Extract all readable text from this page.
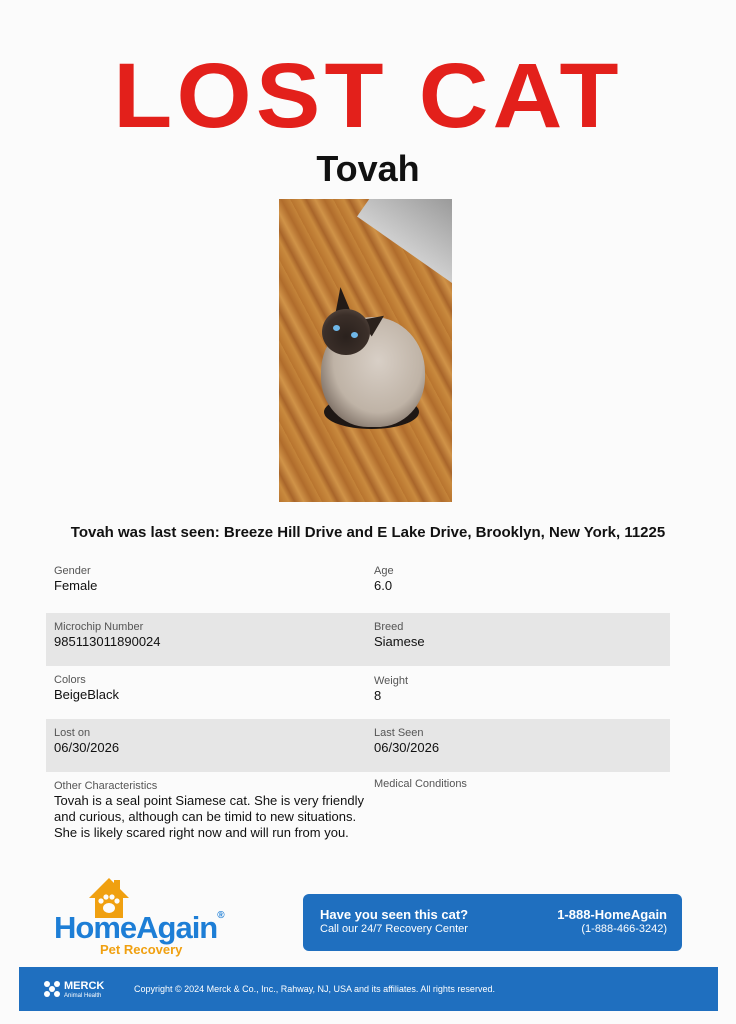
LOST CAT
Tovah
Tovah was last seen: Breeze Hill Drive and E Lake Drive, Brooklyn, New York, 11225
Gender
Female
Age
6.0
Microchip Number
985113011890024
Breed
Siamese
Colors
BeigeBlack
Weight
8
Lost on
06/30/2026
Last Seen
06/30/2026
Other Characteristics
Tovah is a seal point Siamese cat. She is very friendly and curious, although can be timid to new situations. She is likely scared right now and will run from you.
Medical Conditions
HomeAgain®
Pet Recovery
Have you seen this cat?
Call our 24/7 Recovery Center
1-888-HomeAgain
(1-888-466-3242)
MERCK
Animal Health
Copyright © 2024 Merck & Co., Inc., Rahway, NJ, USA and its affiliates. All rights reserved.
